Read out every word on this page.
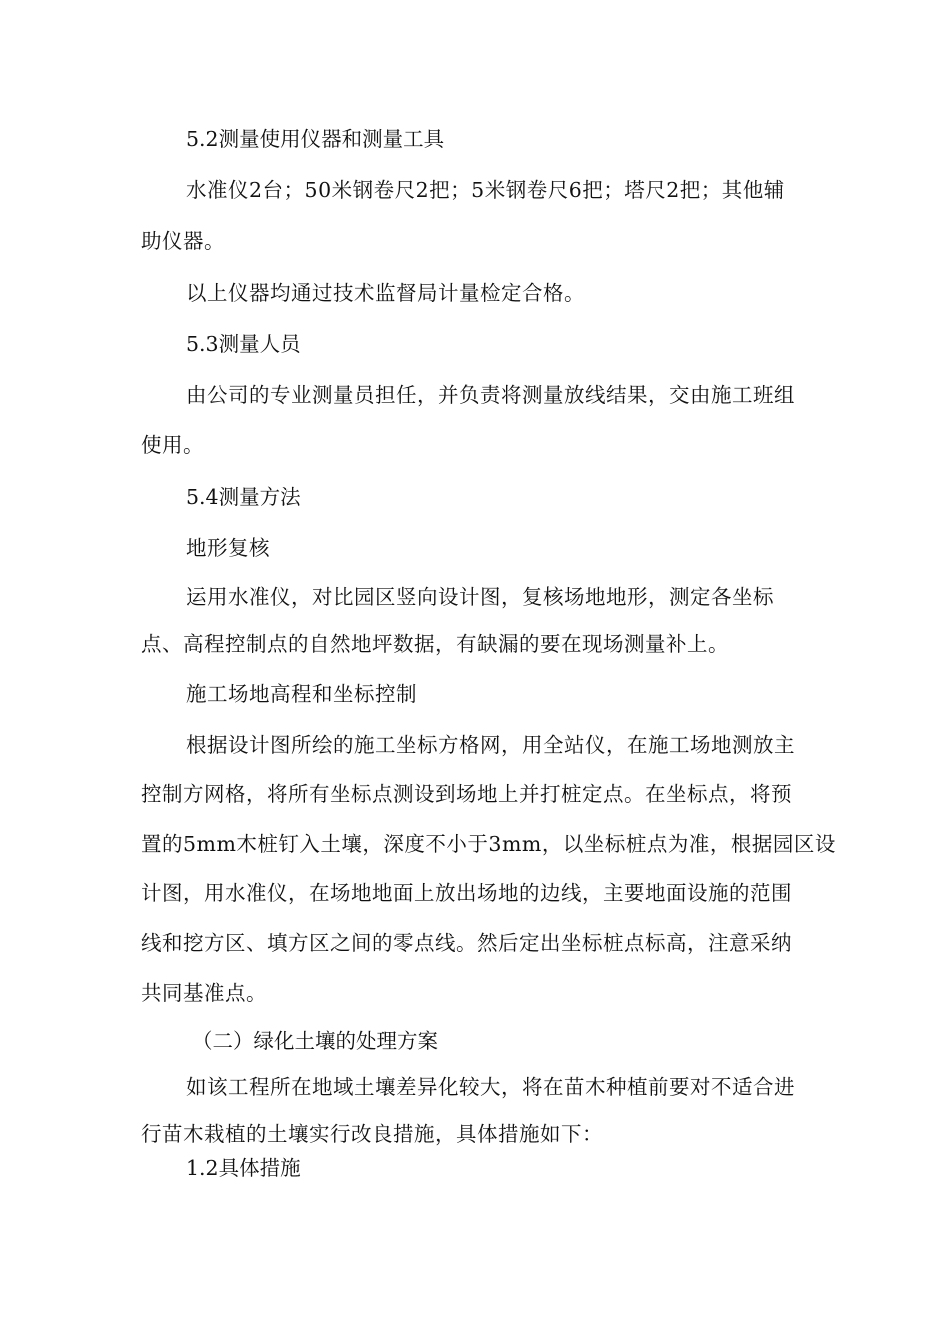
5.2测量使用仪器和测量工具
水准仪2台；50米钢卷尺2把；5米钢卷尺6把；塔尺2把；其他辅
助仪器。
以上仪器均通过技术监督局计量检定合格。
5.3测量人员
由公司的专业测量员担任，并负责将测量放线结果，交由施工班组
使用。
5.4测量方法
地形复核
运用水准仪，对比园区竖向设计图，复核场地地形，测定各坐标
点、高程控制点的自然地坪数据，有缺漏的要在现场测量补上。
施工场地高程和坐标控制
根据设计图所绘的施工坐标方格网，用全站仪，在施工场地测放主
控制方网格，将所有坐标点测设到场地上并打桩定点。在坐标点，将预
置的5mm木桩钉入土壤，深度不小于3mm，以坐标桩点为准，根据园区设
计图，用水准仪，在场地地面上放出场地的边线，主要地面设施的范围
线和挖方区、填方区之间的零点线。然后定出坐标桩点标高，注意采纳
共同基准点。
（二）绿化土壤的处理方案
如该工程所在地域土壤差异化较大，将在苗木种植前要对不适合进
行苗木栽植的土壤实行改良措施，具体措施如下：
1.2具体措施
